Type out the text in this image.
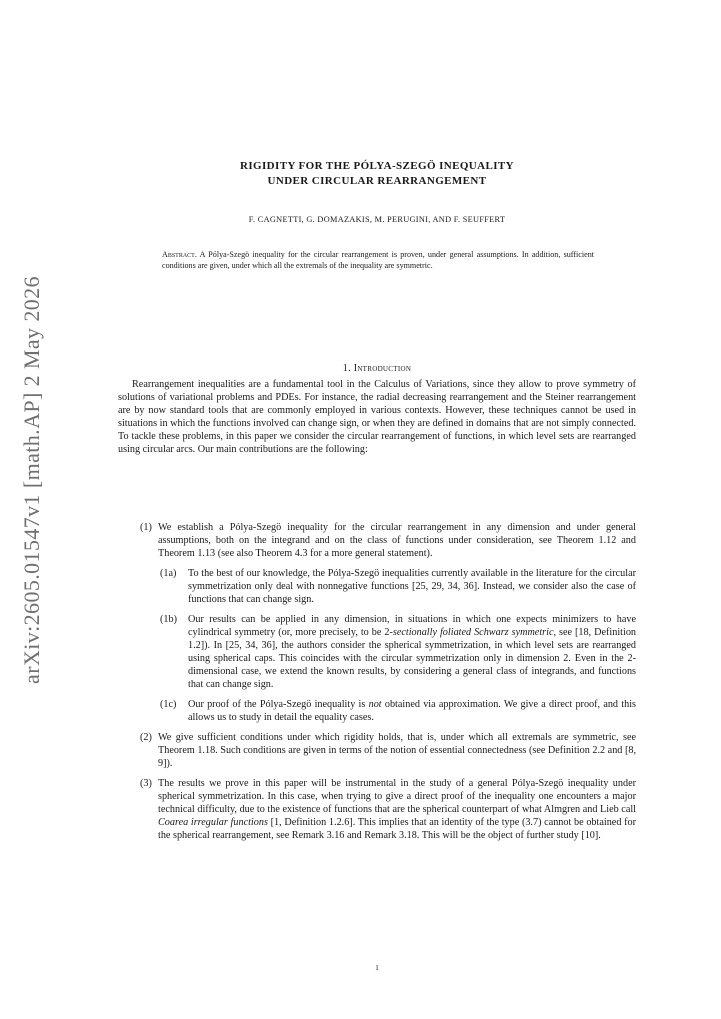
arXiv:2605.01547v1 [math.AP] 2 May 2026
RIGIDITY FOR THE PÓLYA-SZEGÖ INEQUALITY
UNDER CIRCULAR REARRANGEMENT
F. CAGNETTI, G. DOMAZAKIS, M. PERUGINI, AND F. SEUFFERT
Abstract. A Pólya-Szegö inequality for the circular rearrangement is proven, under general assumptions. In addition, sufficient conditions are given, under which all the extremals of the inequality are symmetric.
1. Introduction
Rearrangement inequalities are a fundamental tool in the Calculus of Variations, since they allow to prove symmetry of solutions of variational problems and PDEs. For instance, the radial decreasing rearrangement and the Steiner rearrangement are by now standard tools that are commonly employed in various contexts. However, these techniques cannot be used in situations in which the functions involved can change sign, or when they are defined in domains that are not simply connected. To tackle these problems, in this paper we consider the circular rearrangement of functions, in which level sets are rearranged using circular arcs. Our main contributions are the following:
(1) We establish a Pólya-Szegö inequality for the circular rearrangement in any dimension and under general assumptions, both on the integrand and on the class of functions under consideration, see Theorem 1.12 and Theorem 1.13 (see also Theorem 4.3 for a more general statement).
(1a) To the best of our knowledge, the Pólya-Szegö inequalities currently available in the literature for the circular symmetrization only deal with nonnegative functions [25, 29, 34, 36]. Instead, we consider also the case of functions that can change sign.
(1b) Our results can be applied in any dimension, in situations in which one expects minimizers to have cylindrical symmetry (or, more precisely, to be 2-sectionally foliated Schwarz symmetric, see [18, Definition 1.2]). In [25, 34, 36], the authors consider the spherical symmetrization, in which level sets are rearranged using spherical caps. This coincides with the circular symmetrization only in dimension 2. Even in the 2-dimensional case, we extend the known results, by considering a general class of integrands, and functions that can change sign.
(1c) Our proof of the Pólya-Szegö inequality is not obtained via approximation. We give a direct proof, and this allows us to study in detail the equality cases.
(2) We give sufficient conditions under which rigidity holds, that is, under which all extremals are symmetric, see Theorem 1.18. Such conditions are given in terms of the notion of essential connectedness (see Definition 2.2 and [8, 9]).
(3) The results we prove in this paper will be instrumental in the study of a general Pólya-Szegö inequality under spherical symmetrization. In this case, when trying to give a direct proof of the inequality one encounters a major technical difficulty, due to the existence of functions that are the spherical counterpart of what Almgren and Lieb call Coarea irregular functions [1, Definition 1.2.6]. This implies that an identity of the type (3.7) cannot be obtained for the spherical rearrangement, see Remark 3.16 and Remark 3.18. This will be the object of further study [10].
1
